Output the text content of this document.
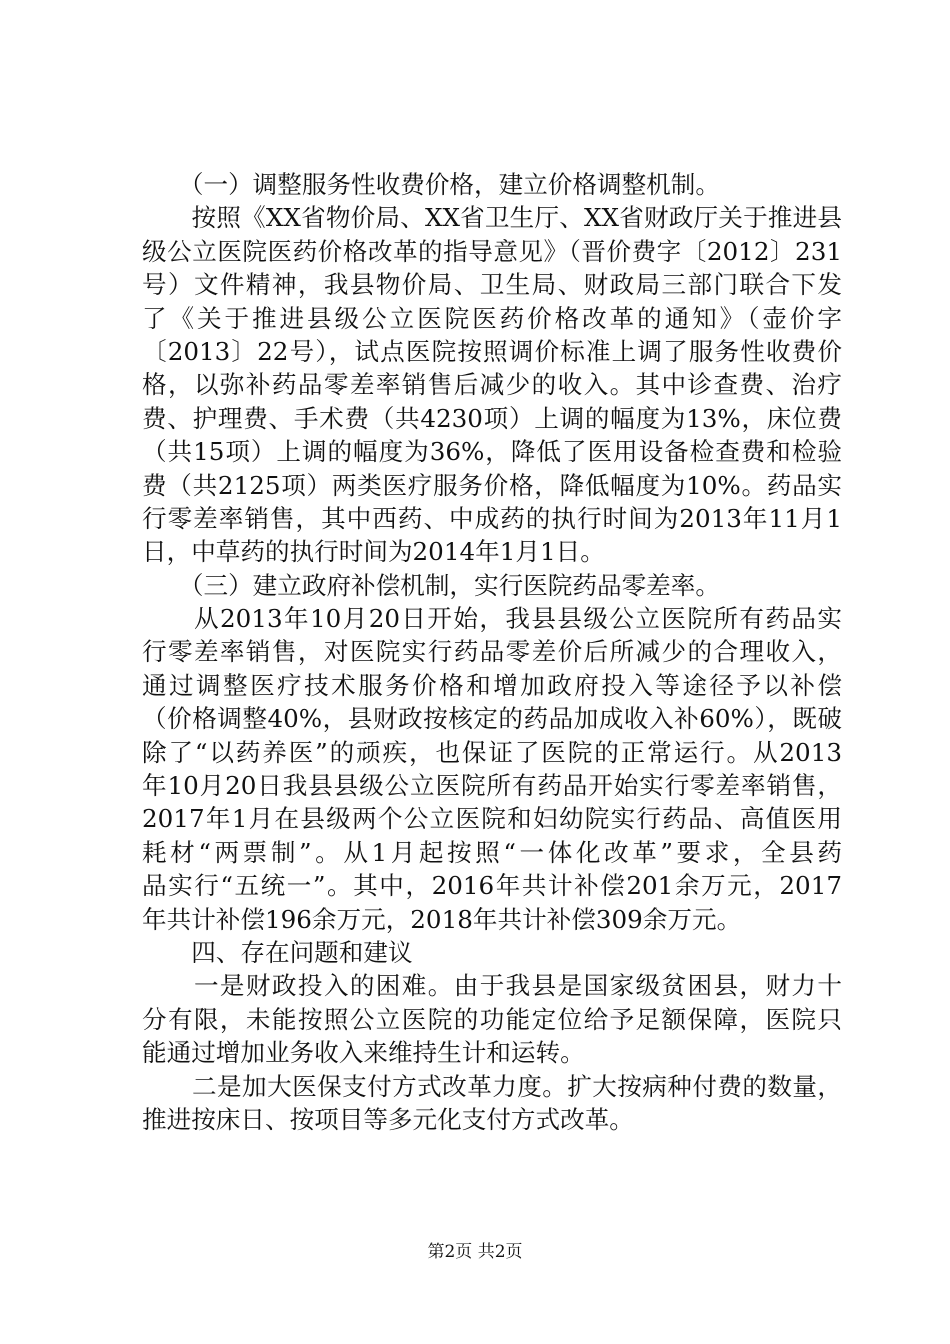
　　（一）调整服务性收费价格，建立价格调整机制。
　　按照《XX省物价局、XX省卫生厅、XX省财政厅关于推进县
级公立医院医药价格改革的指导意见》（晋价费字〔2012〕231
号）文件精神，我县物价局、卫生局、财政局三部门联合下发
了《关于推进县级公立医院医药价格改革的通知》（壶价字
〔2013〕22号），试点医院按照调价标准上调了服务性收费价
格，以弥补药品零差率销售后减少的收入。其中诊查费、治疗
费、护理费、手术费（共4230项）上调的幅度为13%，床位费
（共15项）上调的幅度为36%，降低了医用设备检查费和检验
费（共2125项）两类医疗服务价格，降低幅度为10%。药品实
行零差率销售，其中西药、中成药的执行时间为2013年11月1
日，中草药的执行时间为2014年1月1日。
　　（三）建立政府补偿机制，实行医院药品零差率。
　　从2013年10月20日开始，我县县级公立医院所有药品实
行零差率销售，对医院实行药品零差价后所减少的合理收入，
通过调整医疗技术服务价格和增加政府投入等途径予以补偿
（价格调整40%，县财政按核定的药品加成收入补60%），既破
除了“以药养医”的顽疾，也保证了医院的正常运行。从2013
年10月20日我县县级公立医院所有药品开始实行零差率销售，
2017年1月在县级两个公立医院和妇幼院实行药品、高值医用
耗材“两票制”。从1月起按照“一体化改革”要求，全县药
品实行“五统一”。其中，2016年共计补偿201余万元，2017
年共计补偿196余万元，2018年共计补偿309余万元。
　　四、存在问题和建议
　　一是财政投入的困难。由于我县是国家级贫困县，财力十
分有限，未能按照公立医院的功能定位给予足额保障，医院只
能通过增加业务收入来维持生计和运转。
　　二是加大医保支付方式改革力度。扩大按病种付费的数量，
推进按床日、按项目等多元化支付方式改革。
第2页 共2页
